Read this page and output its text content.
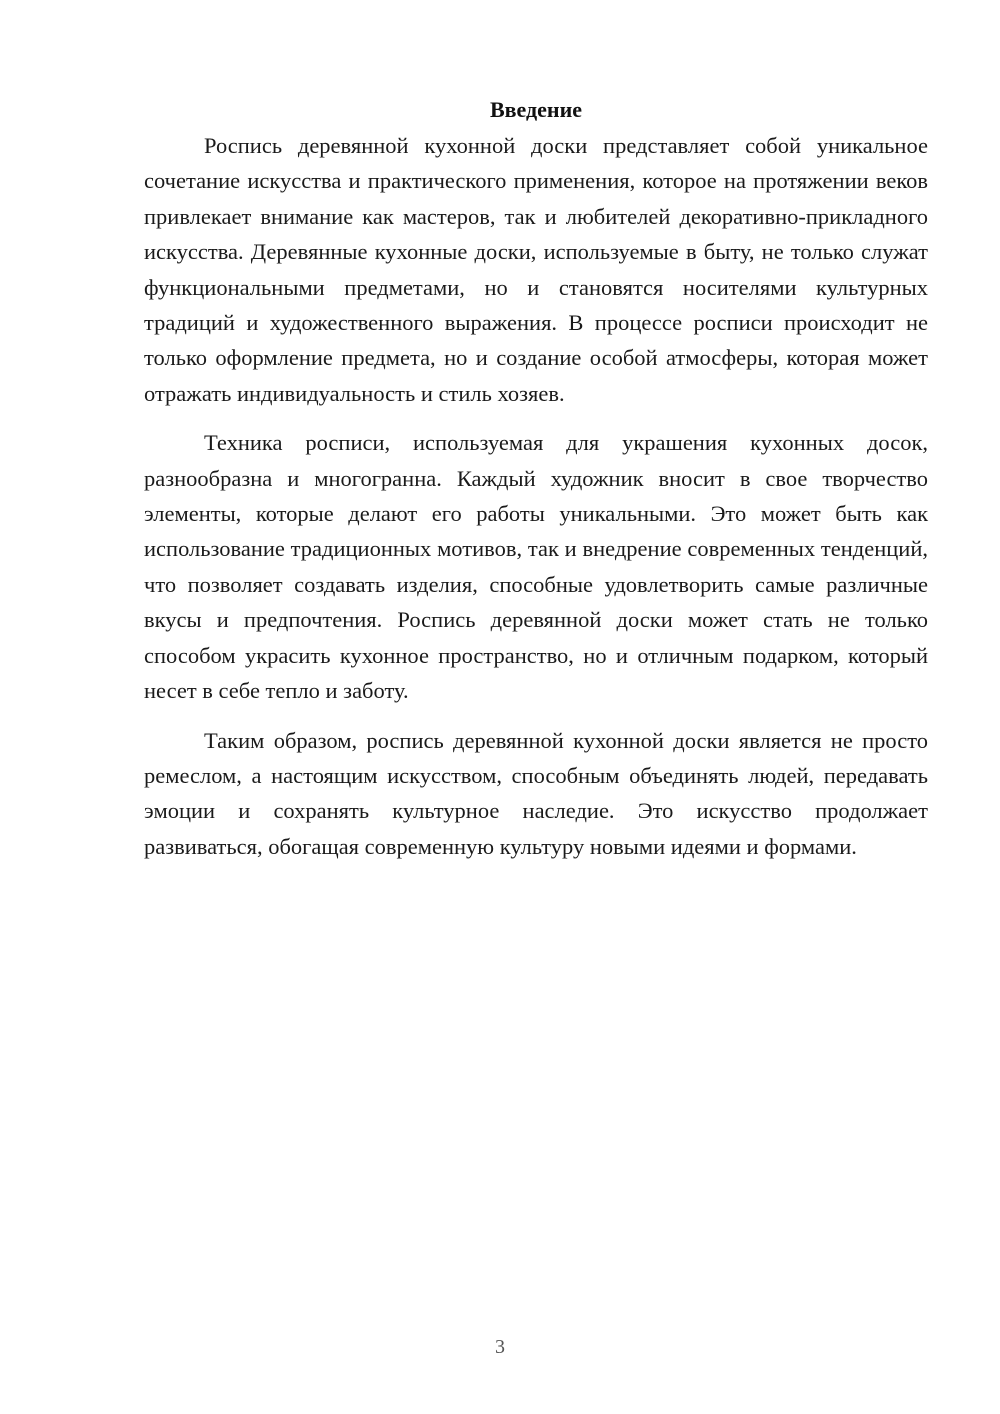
Введение

Роспись деревянной кухонной доски представляет собой уникальное сочетание искусства и практического применения, которое на протяжении веков привлекает внимание как мастеров, так и любителей декоративно-прикладного искусства. Деревянные кухонные доски, используемые в быту, не только служат функциональными предметами, но и становятся носителями культурных традиций и художественного выражения. В процессе росписи происходит не только оформление предмета, но и создание особой атмосферы, которая может отражать индивидуальность и стиль хозяев.

Техника росписи, используемая для украшения кухонных досок, разнообразна и многогранна. Каждый художник вносит в свое творчество элементы, которые делают его работы уникальными. Это может быть как использование традиционных мотивов, так и внедрение современных тенденций, что позволяет создавать изделия, способные удовлетворить самые различные вкусы и предпочтения. Роспись деревянной доски может стать не только способом украсить кухонное пространство, но и отличным подарком, который несет в себе тепло и заботу.

Таким образом, роспись деревянной кухонной доски является не просто ремеслом, а настоящим искусством, способным объединять людей, передавать эмоции и сохранять культурное наследие. Это искусство продолжает развиваться, обогащая современную культуру новыми идеями и формами.

3
